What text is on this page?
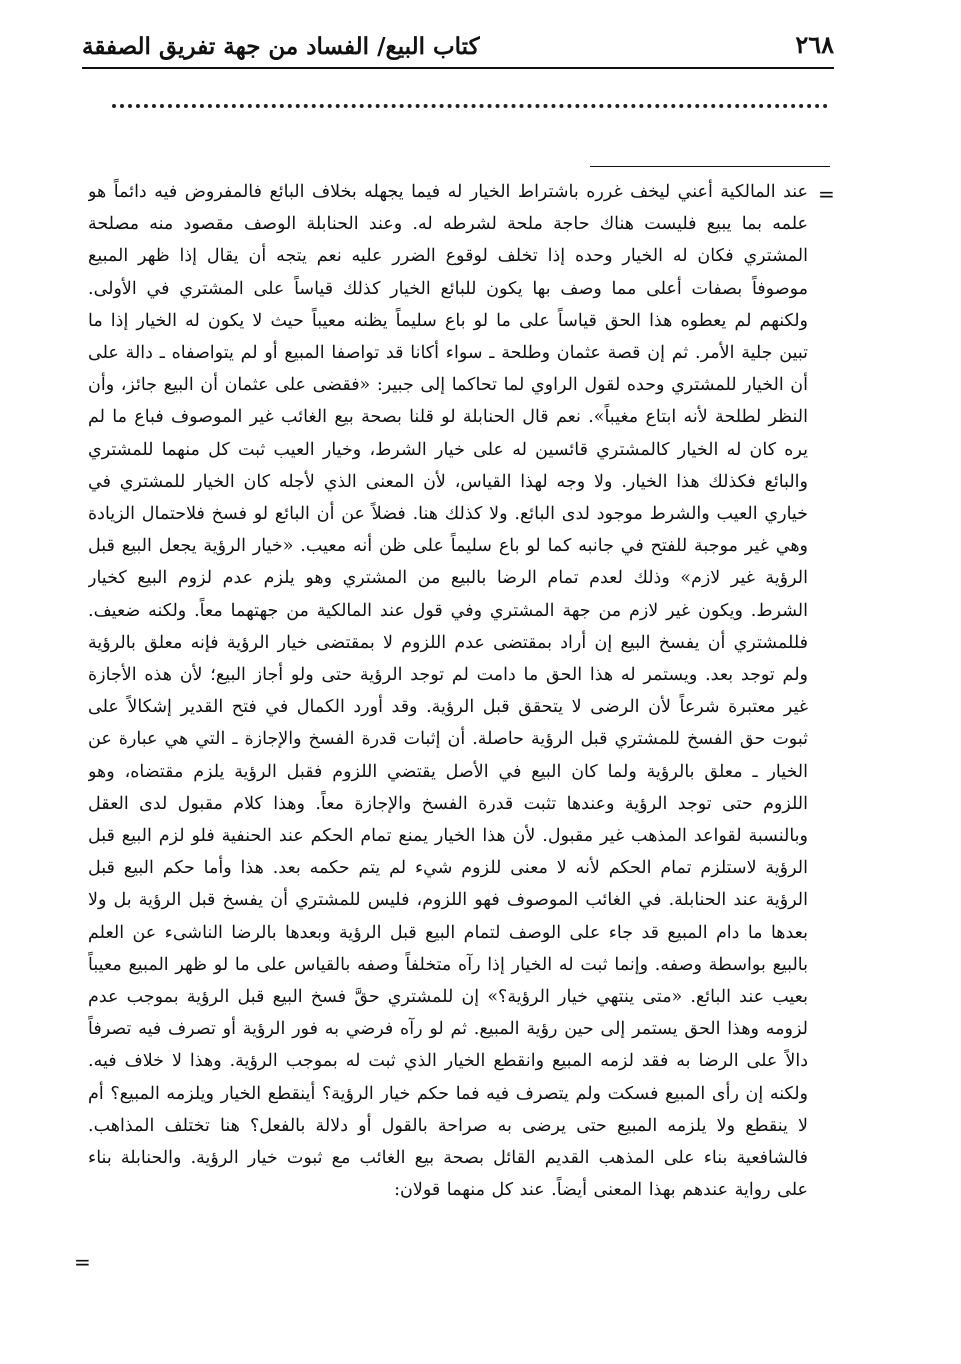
٢٦٨
كتاب البيع/ الفساد من جهة تفريق الصفقة
=
عند المالكية أعني ليخف غرره باشتراط الخيار له فيما يجهله بخلاف البائع فالمفروض فيه دائماً هو علمه بما يبيع فليست هناك حاجة ملحة لشرطه له. وعند الحنابلة الوصف مقصود منه مصلحة المشتري فكان له الخيار وحده إذا تخلف لوقوع الضرر عليه نعم يتجه أن يقال إذا ظهر المبيع موصوفاً بصفات أعلى مما وصف بها يكون للبائع الخيار كذلك قياساً على المشتري في الأولى. ولكنهم لم يعطوه هذا الحق قياساً على ما لو باع سليماً يظنه معيباً حيث لا يكون له الخيار إذا ما تبين جلية الأمر. ثم إن قصة عثمان وطلحة ـ سواء أكانا قد تواصفا المبيع أو لم يتواصفاه ـ دالة على أن الخيار للمشتري وحده لقول الراوي لما تحاكما إلى جبير: «فقضى على عثمان أن البيع جائز، وأن النظر لطلحة لأنه ابتاع مغيباً». نعم قال الحنابلة لو قلنا بصحة بيع الغائب غير الموصوف فباع ما لم يره كان له الخيار كالمشتري قائسين له على خيار الشرط، وخيار العيب ثبت كل منهما للمشتري والبائع فكذلك هذا الخيار. ولا وجه لهذا القياس، لأن المعنى الذي لأجله كان الخيار للمشتري في خياري العيب والشرط موجود لدى البائع. ولا كذلك هنا. فضلاً عن أن البائع لو فسخ فلاحتمال الزيادة وهي غير موجبة للفتح في جانبه كما لو باع سليماً على ظن أنه معيب. «خيار الرؤية يجعل البيع قبل الرؤية غير لازم» وذلك لعدم تمام الرضا بالبيع من المشتري وهو يلزم عدم لزوم البيع كخيار الشرط. ويكون غير لازم من جهة المشتري وفي قول عند المالكية من جهتهما معاً. ولكنه ضعيف. فللمشتري أن يفسخ البيع إن أراد بمقتضى عدم اللزوم لا بمقتضى خيار الرؤية فإنه معلق بالرؤية ولم توجد بعد. ويستمر له هذا الحق ما دامت لم توجد الرؤية حتى ولو أجاز البيع؛ لأن هذه الأجازة غير معتبرة شرعاً لأن الرضى لا يتحقق قبل الرؤية. وقد أورد الكمال في فتح القدير إشكالاً على ثبوت حق الفسخ للمشتري قبل الرؤية حاصلة. أن إثبات قدرة الفسخ والإجازة ـ التي هي عبارة عن الخيار ـ معلق بالرؤية ولما كان البيع في الأصل يقتضي اللزوم فقبل الرؤية يلزم مقتضاه، وهو اللزوم حتى توجد الرؤية وعندها تثبت قدرة الفسخ والإجازة معاً. وهذا كلام مقبول لدى العقل وبالنسبة لقواعد المذهب غير مقبول. لأن هذا الخيار يمنع تمام الحكم عند الحنفية فلو لزم البيع قبل الرؤية لاستلزم تمام الحكم لأنه لا معنى للزوم شيء لم يتم حكمه بعد. هذا وأما حكم البيع قبل الرؤية عند الحنابلة. في الغائب الموصوف فهو اللزوم، فليس للمشتري أن يفسخ قبل الرؤية بل ولا بعدها ما دام المبيع قد جاء على الوصف لتمام البيع قبل الرؤية وبعدها بالرضا الناشىء عن العلم بالبيع بواسطة وصفه. وإنما ثبت له الخيار إذا رآه متخلفاً وصفه بالقياس على ما لو ظهر المبيع معيباً بعيب عند البائع. «متى ينتهي خيار الرؤية؟» إن للمشتري حقَّ فسخ البيع قبل الرؤية بموجب عدم لزومه وهذا الحق يستمر إلى حين رؤية المبيع. ثم لو رآه فرضي به فور الرؤية أو تصرف فيه تصرفاً دالاً على الرضا به فقد لزمه المبيع وانقطع الخيار الذي ثبت له بموجب الرؤية. وهذا لا خلاف فيه. ولكنه إن رأى المبيع فسكت ولم يتصرف فيه فما حكم خيار الرؤية؟ أينقطع الخيار ويلزمه المبيع؟ أم لا ينقطع ولا يلزمه المبيع حتى يرضى به صراحة بالقول أو دلالة بالفعل؟ هنا تختلف المذاهب. فالشافعية بناء على المذهب القديم القائل بصحة بيع الغائب مع ثبوت خيار الرؤية. والحنابلة بناء على رواية عندهم بهذا المعنى أيضاً. عند كل منهما قولان:
=
